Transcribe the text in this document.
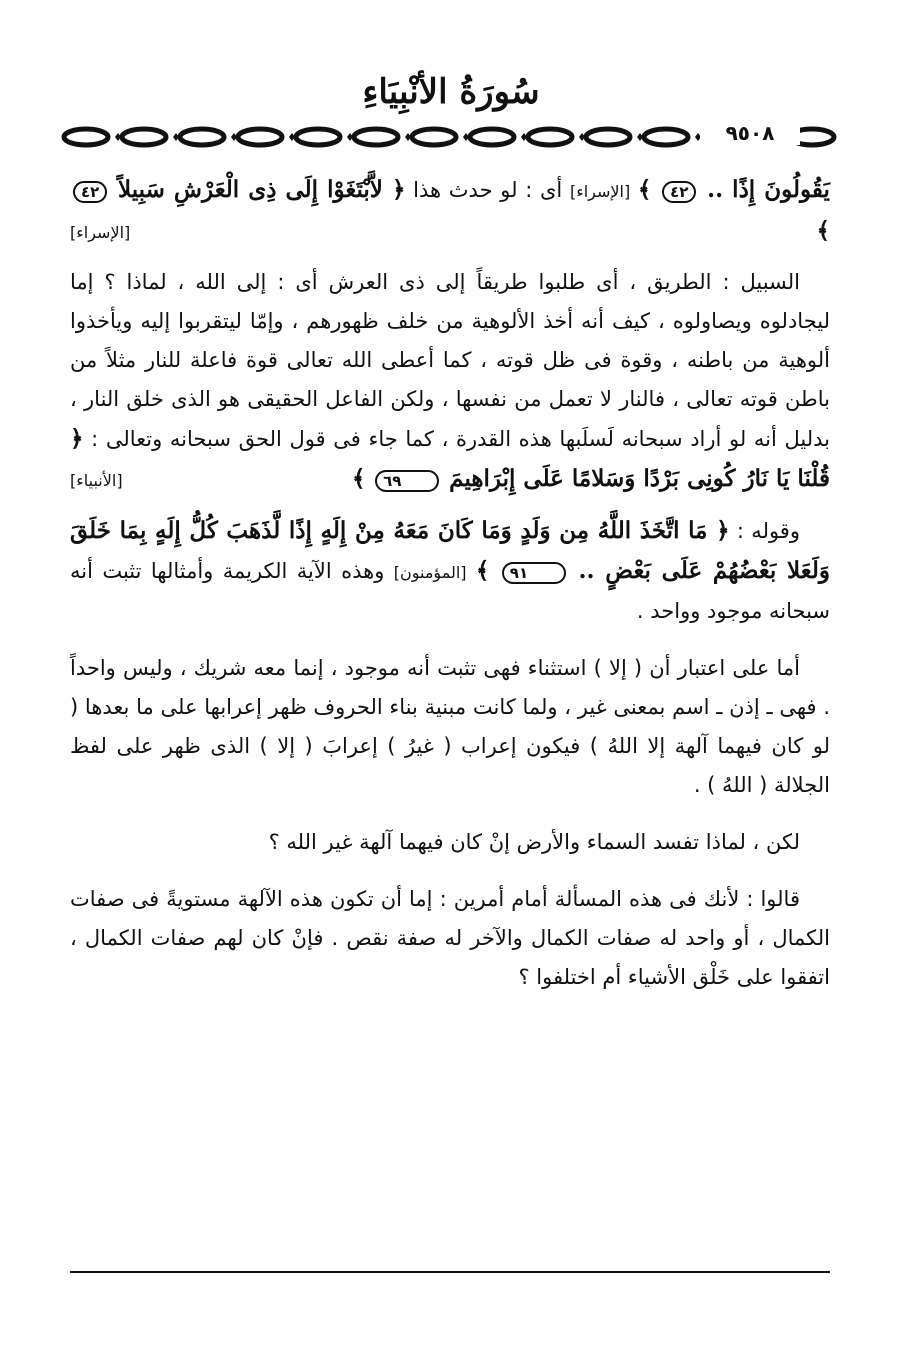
سُورَةُ الأنْبِيَاءِ
٩٥٠٨

يَقُولُونَ إِذًا .. ٤٢ ﴾ [الإسراء] أى : لو حدث هذا ﴿ لاَّبْتَغَوْا إِلَى ذِى الْعَرْشِ سَبِيلاً ٤٢ ﴾
[الإسراء]

السبيل : الطريق ، أى طلبوا طريقاً إلى ذى العرش أى : إلى الله ، لماذا ؟ إما ليجادلوه ويصاولوه ، كيف أنه أخذ الألوهية من خلف ظهورهم ، وإمّا ليتقربوا إليه ويأخذوا ألوهية من باطنه ، وقوة فى ظل قوته ، كما أعطى الله تعالى قوة فاعلة للنار مثلاً من باطن قوته تعالى ، فالنار لا تعمل من نفسها ، ولكن الفاعل الحقيقى هو الذى خلق النار ، بدليل أنه لو أراد سبحانه لَسلَبها هذه القدرة ، كما جاء فى قول الحق سبحانه وتعالى : ﴿ قُلْنَا يَا نَارُ كُونِى بَرْدًا وَسَلامًا عَلَى إِبْرَاهِيمَ ٦٩ ﴾
[الأنبياء]

وقوله : ﴿ مَا اتَّخَذَ اللَّهُ مِن وَلَدٍ وَمَا كَانَ مَعَهُ مِنْ إِلَهٍ إِذًا لَّذَهَبَ كُلُّ إِلَهٍ بِمَا خَلَقَ وَلَعَلا بَعْضُهُمْ عَلَى بَعْضٍ .. ٩١ ﴾ [المؤمنون] وهذه الآية الكريمة وأمثالها تثبت أنه سبحانه موجود وواحد .

أما على اعتبار أن ( إلا ) استثناء فهى تثبت أنه موجود ، إنما معه شريك ، وليس واحداً . فهى ـ إذن ـ اسم بمعنى غير ، ولما كانت مبنية بناء الحروف ظهر إعرابها على ما بعدها ( لو كان فيهما آلهة إلا اللهُ ) فيكون إعراب ( غيرُ ) إعرابَ ( إلا ) الذى ظهر على لفظ الجلالة ( اللهُ ) .

لكن ، لماذا تفسد السماء والأرض إنْ كان فيهما آلهة غير الله ؟

قالوا : لأنك فى هذه المسألة أمام أمرين : إما أن تكون هذه الآلهة مستويةً فى صفات الكمال ، أو واحد له صفات الكمال والآخر له صفة نقص . فإنْ كان لهم صفات الكمال ، اتفقوا على خَلْق الأشياء أم اختلفوا ؟
